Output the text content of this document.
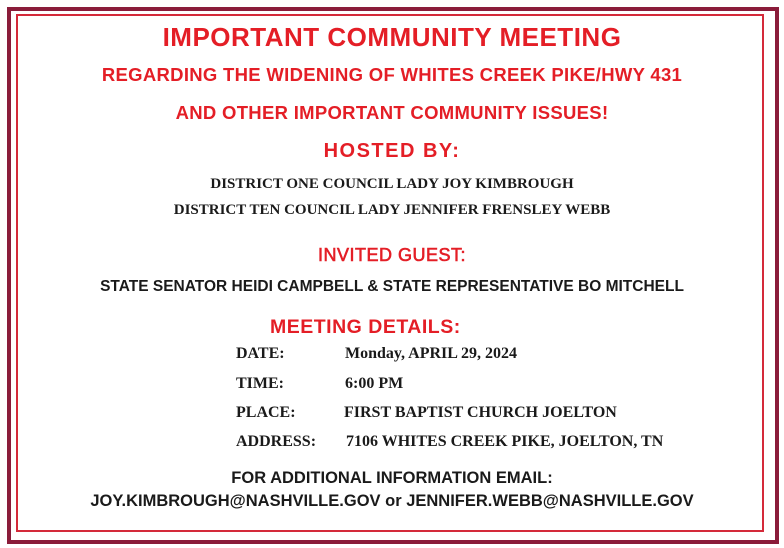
IMPORTANT COMMUNITY MEETING
REGARDING THE WIDENING OF WHITES CREEK PIKE/HWY 431
AND OTHER IMPORTANT COMMUNITY ISSUES!
HOSTED BY:
DISTRICT ONE COUNCIL LADY JOY KIMBROUGH
DISTRICT TEN COUNCIL LADY JENNIFER FRENSLEY WEBB
INVITED GUEST:
STATE SENATOR HEIDI CAMPBELL & STATE REPRESENTATIVE BO MITCHELL
MEETING DETAILS:
DATE:	Monday, APRIL 29, 2024
TIME:	6:00 PM
PLACE:	FIRST BAPTIST CHURCH JOELTON
ADDRESS: 7106 WHITES CREEK PIKE, JOELTON, TN
FOR ADDITIONAL INFORMATION EMAIL:
JOY.KIMBROUGH@NASHVILLE.GOV or JENNIFER.WEBB@NASHVILLE.GOV
